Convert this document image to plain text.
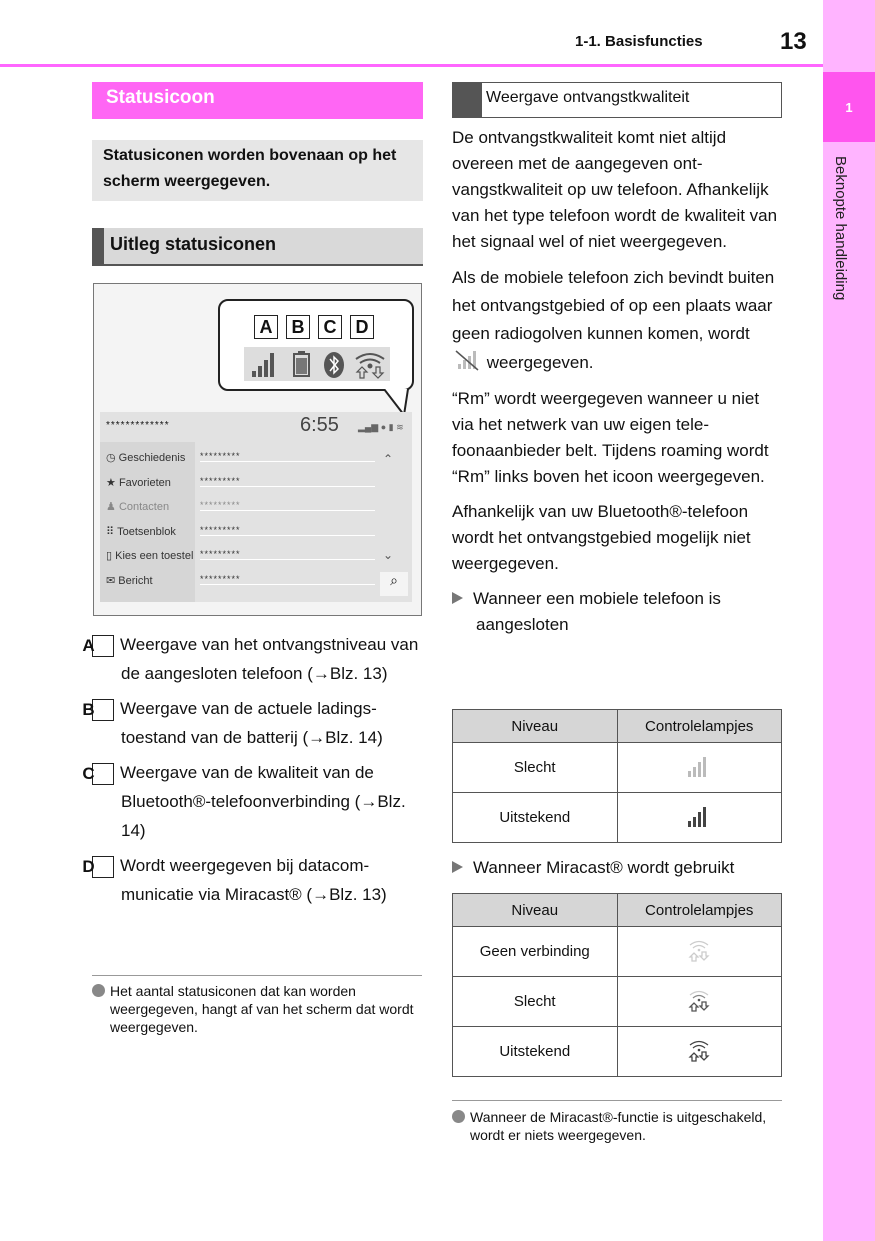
1
Beknopte handleiding
1-1. Basisfuncties	13
Statusicoon
Statusiconen worden bovenaan op het scherm weergegeven.
Uitleg statusiconen
A B C D
*************	6:55 ▂▄▆ ● ▮ ≋
◷ Geschiedenis *********
★ Favorieten	*********
♟ Contacten	*********
⠿ Toetsenblok	*********
▯ Kies een toestel *********
✉ Bericht	*********
⌃
⌄
⌕

A Weergave van het ontvangstniveau van de aangesloten telefoon (→Blz. 13)

B Weergave van de actuele ladingstoestand van de batterij (→Blz. 14)

C Weergave van de kwaliteit van de Bluetooth®-telefoonverbinding (→Blz. 14)

D Wordt weergegeven bij datacommunicatie via Miracast® (→Blz. 13)

Het aantal statusiconen dat kan worden weergegeven, hangt af van het scherm dat wordt weergegeven.
Weergave ontvangstkwaliteit

De ontvangstkwaliteit komt niet altijd overeen met de aangegeven ontvangstkwaliteit op uw telefoon. Afhankelijk van het type telefoon wordt de kwaliteit van het signaal wel of niet weergegeven.

Als de mobiele telefoon zich bevindt buiten het ontvangstgebied of op een plaats waar geen radiogolven kunnen komen, wordt  weergegeven.

“Rm” wordt weergegeven wanneer u niet via het netwerk van uw eigen telefoonaanbieder belt. Tijdens roaming wordt “Rm” links boven het icoon weergegeven.

Afhankelijk van uw Bluetooth®-telefoon wordt het ontvangstgebied mogelijk niet weergegeven.

Wanneer een mobiele telefoon is aangesloten

Niveau	Controlelampjes
Slecht	
Uitstekend	
Wanneer Miracast® wordt gebruikt
Niveau	Controlelampjes
Geen verbinding	
Slecht	
Uitstekend	
Wanneer de Miracast®-functie is uitgeschakeld, wordt er niets weergegeven.
